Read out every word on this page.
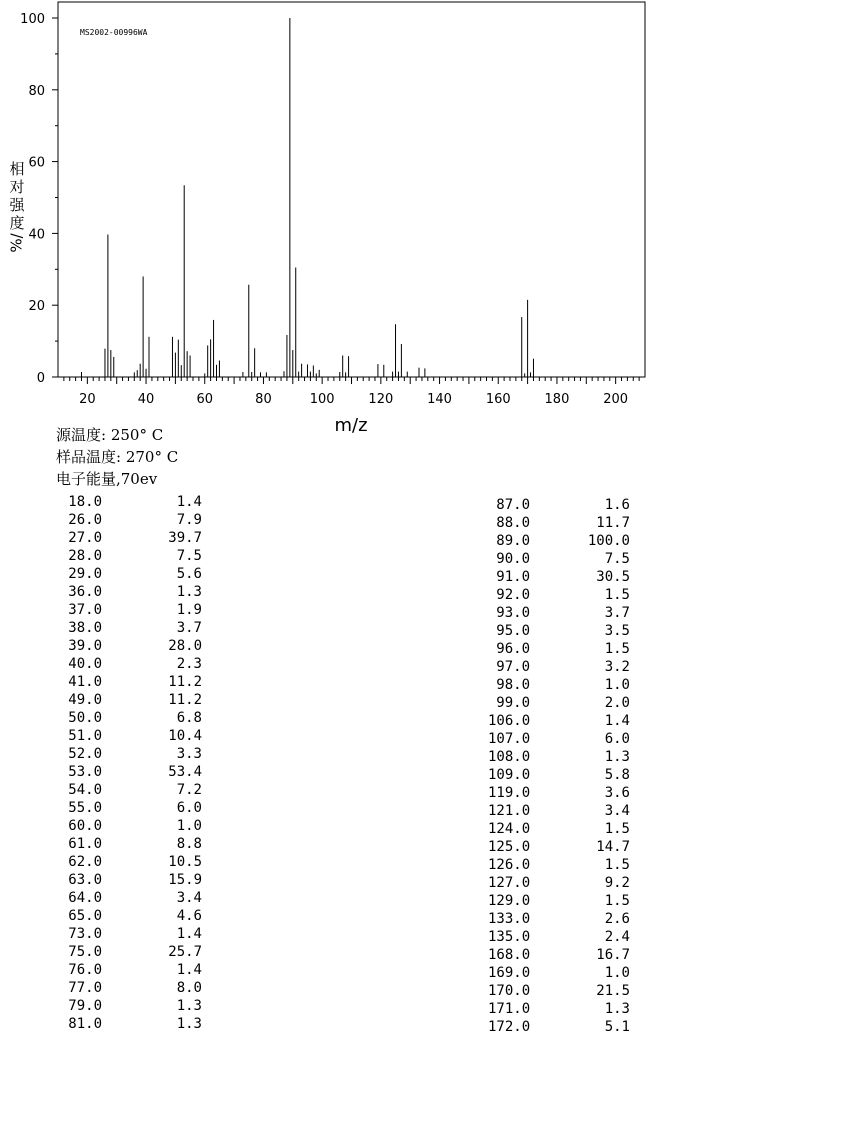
20	40	60	80	100	120	140	160	180	200
0
20
40
60
80
100
MS2002-00996WA
m/z
相
对
强
度
%/
源温度: 250° C
样品温度: 270° C
电子能量,70ev
18.0	1.4
26.0	7.9
27.0	39.7
28.0	7.5
29.0	5.6
36.0	1.3
37.0	1.9
38.0	3.7
39.0	28.0
40.0	2.3
41.0	11.2
49.0	11.2
50.0	6.8
51.0	10.4
52.0	3.3
53.0	53.4
54.0	7.2
55.0	6.0
60.0	1.0
61.0	8.8
62.0	10.5
63.0	15.9
64.0	3.4
65.0	4.6
73.0	1.4
75.0	25.7
76.0	1.4
77.0	8.0
79.0	1.3
81.0	1.3
87.0	1.6
88.0	11.7
89.0	100.0
90.0	7.5
91.0	30.5
92.0	1.5
93.0	3.7
95.0	3.5
96.0	1.5
97.0	3.2
98.0	1.0
99.0	2.0
106.0	1.4
107.0	6.0
108.0	1.3
109.0	5.8
119.0	3.6
121.0	3.4
124.0	1.5
125.0	14.7
126.0	1.5
127.0	9.2
129.0	1.5
133.0	2.6
135.0	2.4
168.0	16.7
169.0	1.0
170.0	21.5
171.0	1.3
172.0	5.1
